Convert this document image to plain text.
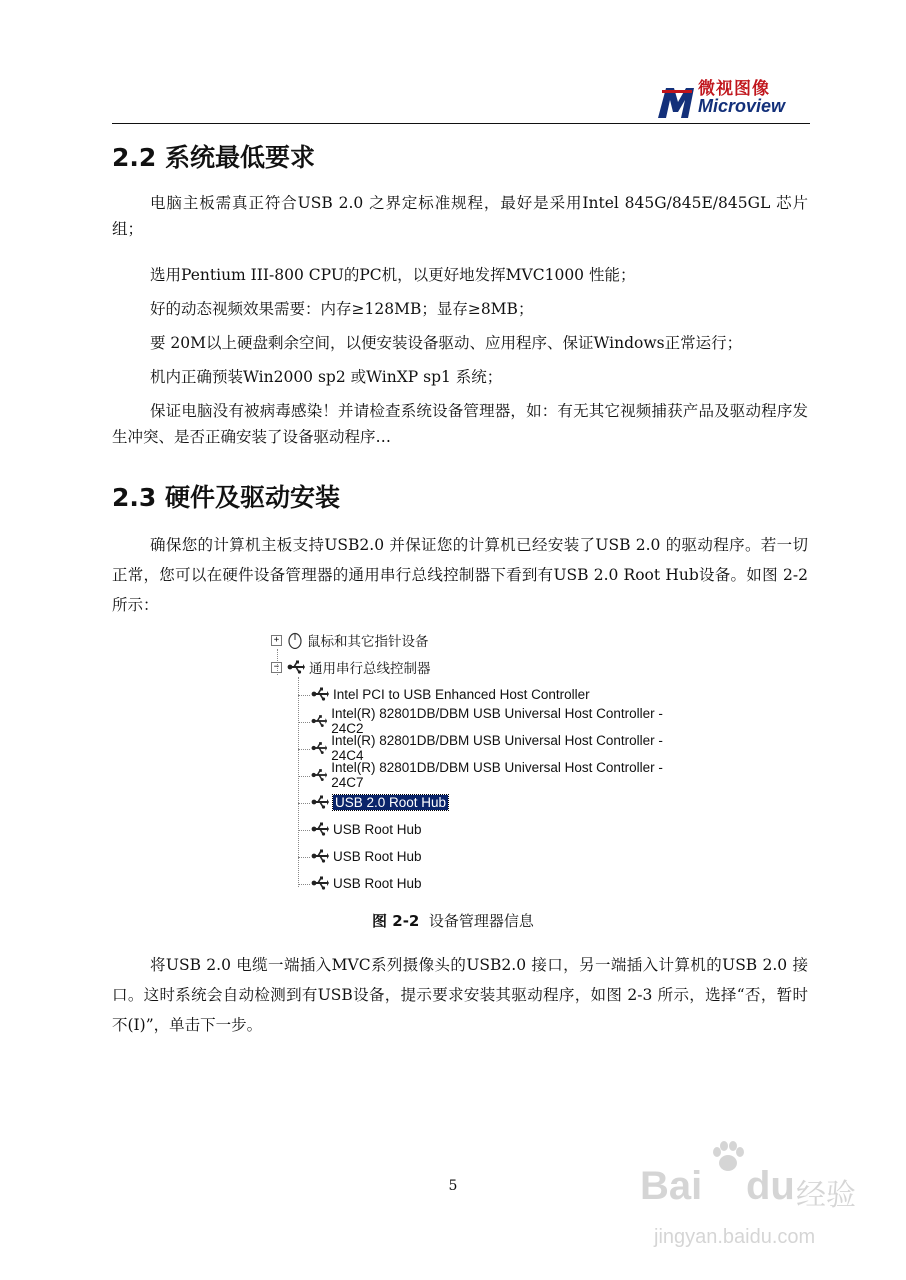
微视图像
Microview
2.2 系统最低要求

电脑主板需真正符合USB 2.0 之界定标准规程，最好是采用Intel 845G/845E/845GL 芯片组；

选用Pentium III-800 CPU的PC机，以更好地发挥MVC1000 性能；

好的动态视频效果需要：内存≥128MB；显存≥8MB；

要 20M以上硬盘剩余空间，以便安装设备驱动、应用程序、保证Windows正常运行；

机内正确预装Win2000 sp2 或WinXP sp1 系统；

保证电脑没有被病毒感染！并请检查系统设备管理器，如：有无其它视频捕获产品及驱动程序发生冲突、是否正确安装了设备驱动程序…

2.3 硬件及驱动安装

确保您的计算机主板支持USB2.0 并保证您的计算机已经安装了USB 2.0 的驱动程序。若一切正常，您可以在硬件设备管理器的通用串行总线控制器下看到有USB 2.0 Root Hub设备。如图 2-2 所示：

+ 鼠标和其它指针设备
− 通用串行总线控制器
Intel PCI to USB Enhanced Host Controller
Intel(R) 82801DB/DBM USB Universal Host Controller - 24C2
Intel(R) 82801DB/DBM USB Universal Host Controller - 24C4
Intel(R) 82801DB/DBM USB Universal Host Controller - 24C7
USB 2.0 Root Hub
USB Root Hub
USB Root Hub
USB Root Hub
图 2-2 设备管理器信息

将USB 2.0 电缆一端插入MVC系列摄像头的USB2.0 接口，另一端插入计算机的USB 2.0 接口。这时系统会自动检测到有USB设备，提示要求安装其驱动程序，如图 2-3 所示，选择“否，暂时不(I)”，单击下一步。

5	Bai du 经验
jingyan.baidu.com
